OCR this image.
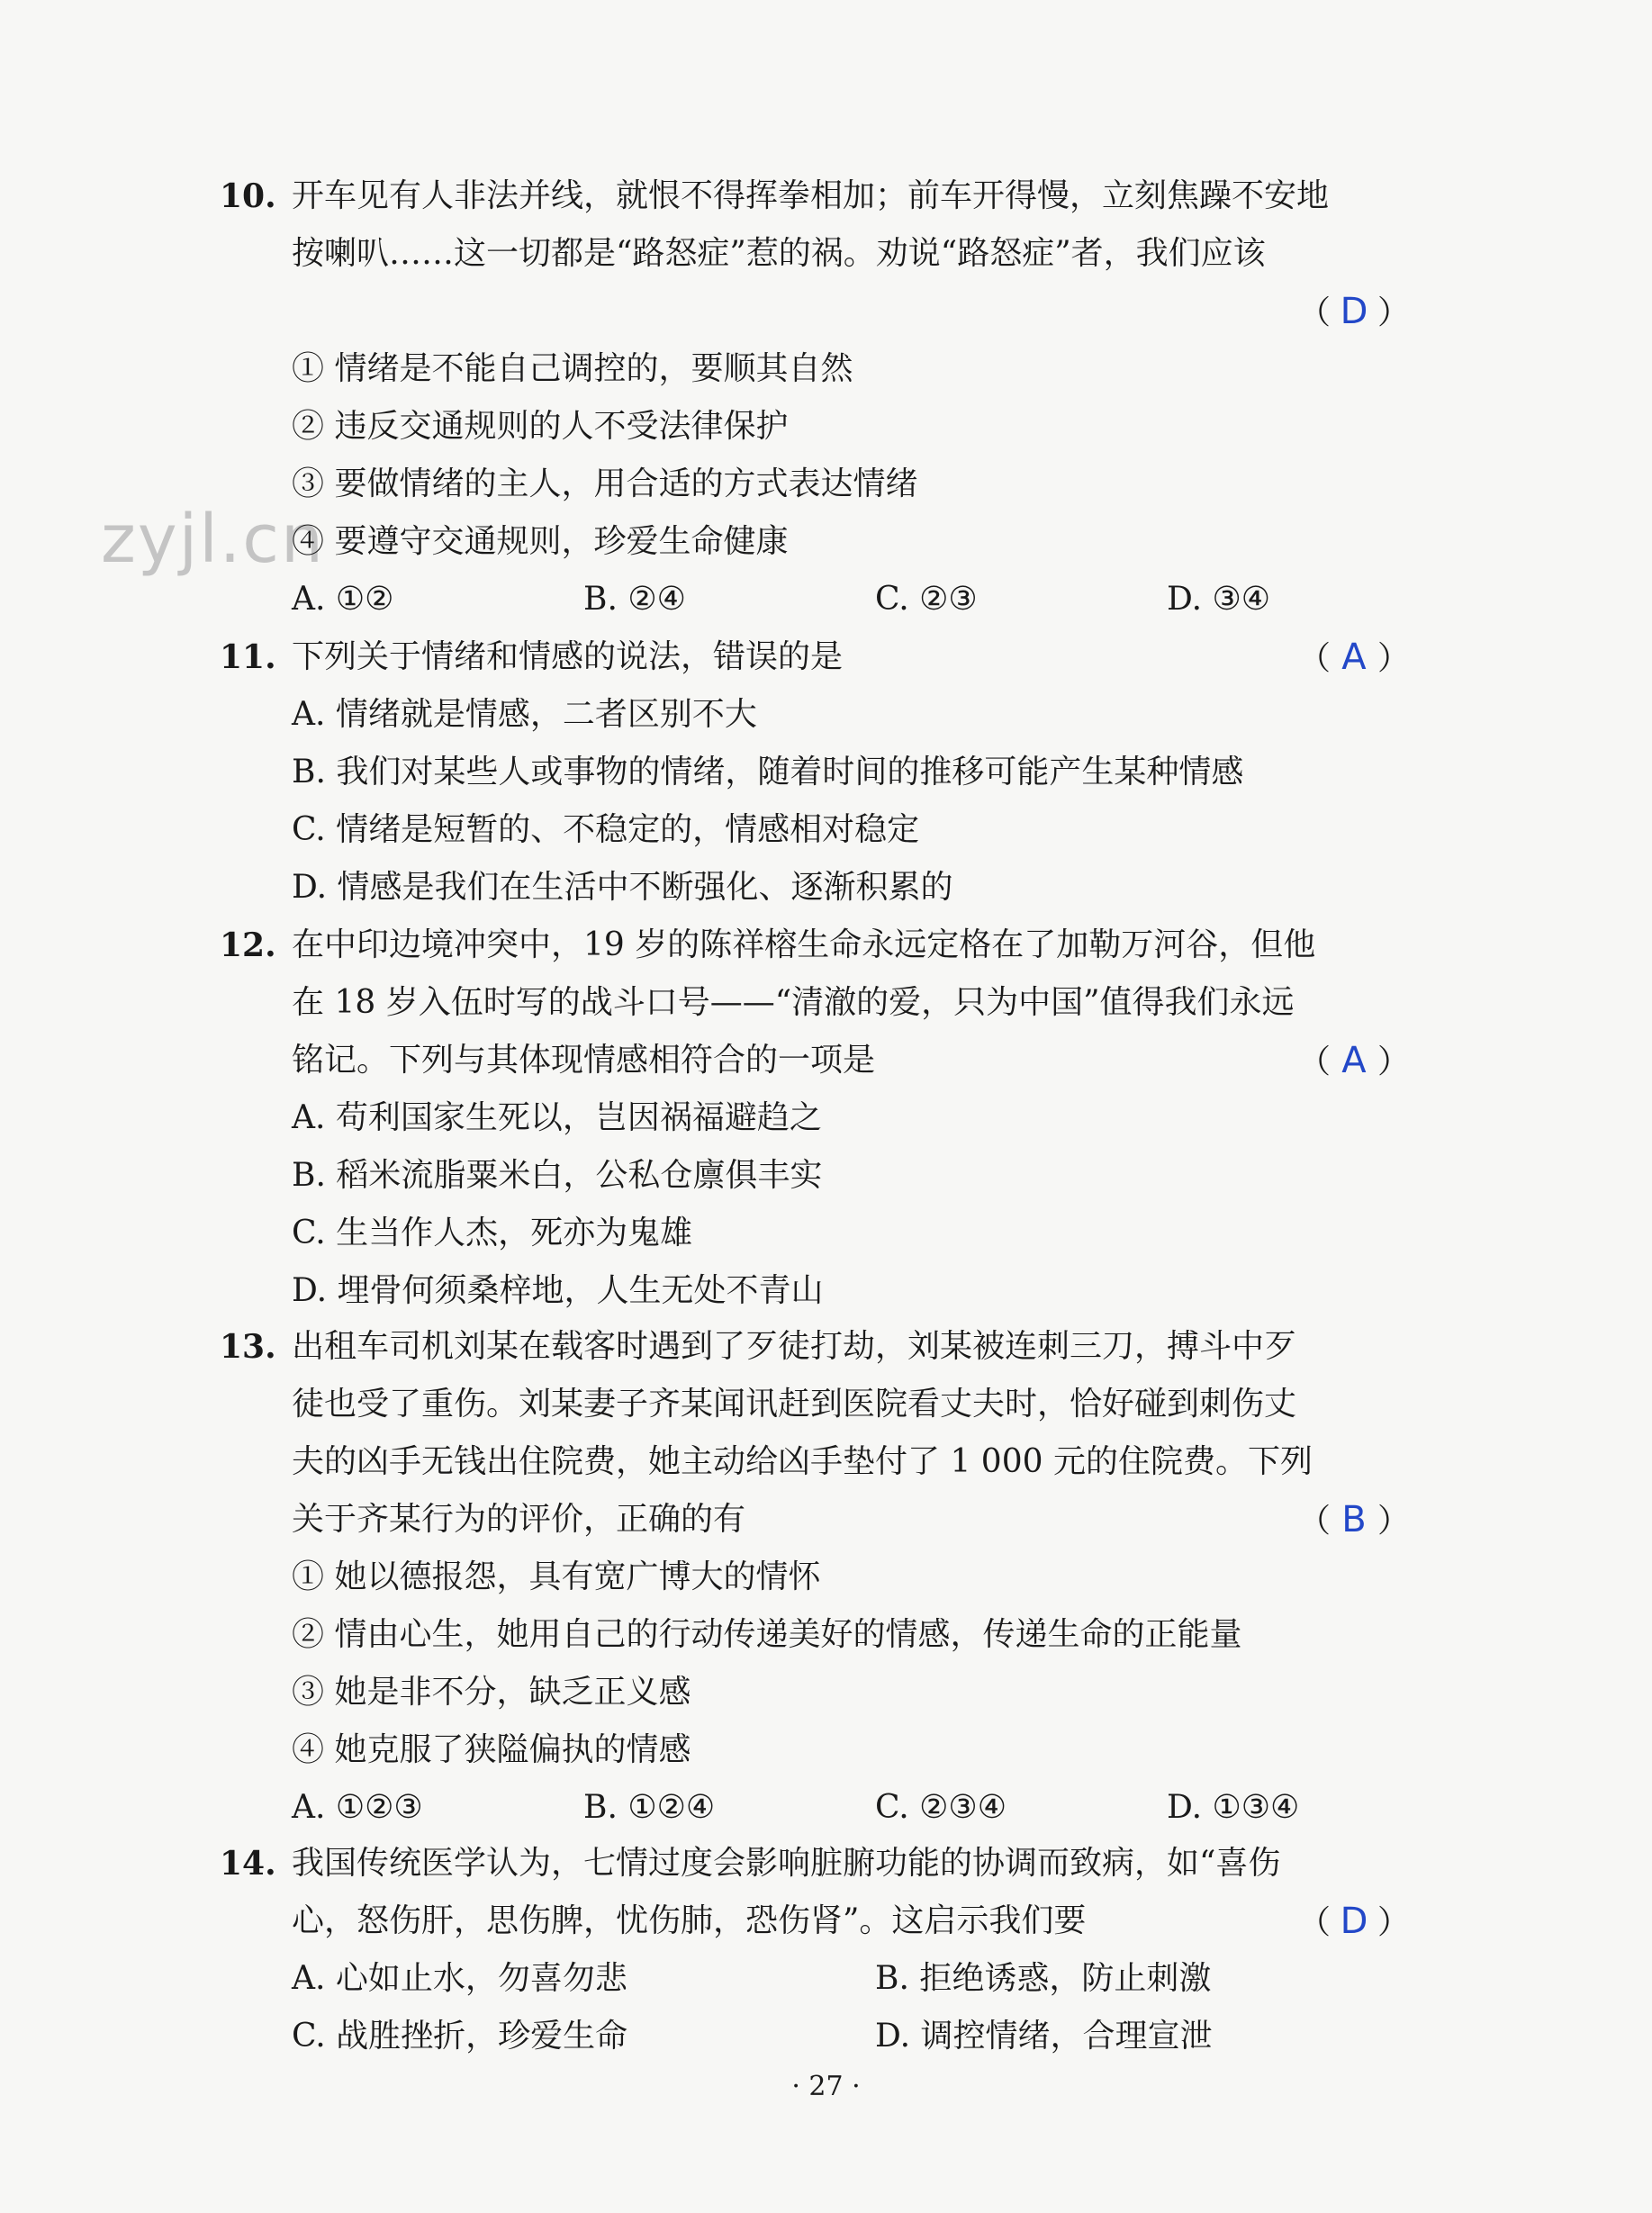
zyjl.cn
10. 开车见有人非法并线，就恨不得挥拳相加；前车开得慢，立刻焦躁不安地
按喇叭……这一切都是“路怒症”惹的祸。劝说“路怒症”者，我们应该
（ D ）
① 情绪是不能自己调控的，要顺其自然
② 违反交通规则的人不受法律保护
③ 要做情绪的主人，用合适的方式表达情绪
④ 要遵守交通规则，珍爱生命健康
A. ①②	B. ②④	C. ②③	D. ③④
11. 下列关于情绪和情感的说法，错误的是	（ A ）
A. 情绪就是情感，二者区别不大
B. 我们对某些人或事物的情绪，随着时间的推移可能产生某种情感
C. 情绪是短暂的、不稳定的，情感相对稳定
D. 情感是我们在生活中不断强化、逐渐积累的
12. 在中印边境冲突中，19 岁的陈祥榕生命永远定格在了加勒万河谷，但他
在 18 岁入伍时写的战斗口号——“清澈的爱，只为中国”值得我们永远
铭记。下列与其体现情感相符合的一项是	（ A ）
A. 苟利国家生死以，岂因祸福避趋之
B. 稻米流脂粟米白，公私仓廪俱丰实
C. 生当作人杰，死亦为鬼雄
D. 埋骨何须桑梓地，人生无处不青山
13. 出租车司机刘某在载客时遇到了歹徒打劫，刘某被连刺三刀，搏斗中歹
徒也受了重伤。刘某妻子齐某闻讯赶到医院看丈夫时，恰好碰到刺伤丈
夫的凶手无钱出住院费，她主动给凶手垫付了 1 000 元的住院费。下列
关于齐某行为的评价，正确的有	（ B ）
① 她以德报怨，具有宽广博大的情怀
② 情由心生，她用自己的行动传递美好的情感，传递生命的正能量
③ 她是非不分，缺乏正义感
④ 她克服了狭隘偏执的情感
A. ①②③	B. ①②④	C. ②③④	D. ①③④
14. 我国传统医学认为，七情过度会影响脏腑功能的协调而致病，如“喜伤
心，怒伤肝，思伤脾，忧伤肺，恐伤肾”。这启示我们要	（ D ）
A. 心如止水，勿喜勿悲	B. 拒绝诱惑，防止刺激
C. 战胜挫折，珍爱生命	D. 调控情绪，合理宣泄
· 27 ·
